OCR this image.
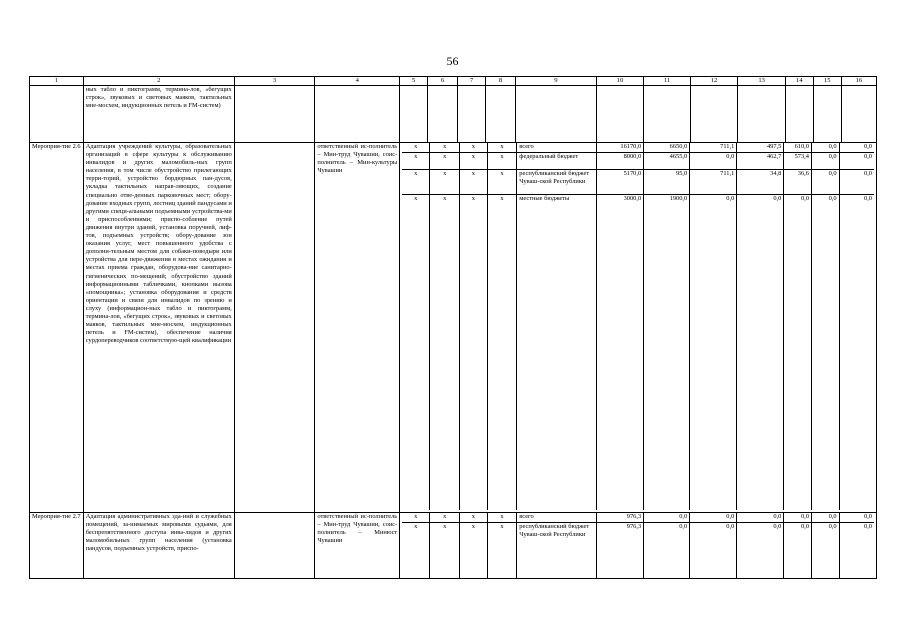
56
1	2	3	4	5	6	7	8	9	10	11	12	13	14	15	16
	ных табло и пиктограмм, термина-лов, «бегущих строк», звуковых и световых маяков, тактильных мне-мосхем, индукционных петель и FM-систем)														
Мероприя-тие 2.6	Адаптация учреждений культуры, образовательных организаций в сфере культуры к обслуживанию инвалидов и других маломобиль-ных групп населения, в том числе обустройство прилегающих терри-торий, устройство бордюрных пан-дусов, укладка тактильных направ-ляющих, создание специально отве-денных парковочных мест; обору-дование входных групп, лестниц зданий пандусами и другими специ-альными подъемными устройства-ми и приспособлениями; приспо-собление путей движения внутри зданий, установка поручней, лиф-тов, подъемных устройств; обору-дование зон оказания услуг, мест повышенного удобства с дополни-тельным местом для собаки-поводыря или устройства для пере-движения в местах ожидания и местах приема граждан, оборудова-ние санитарно-гигиенических по-мещений; обустройство зданий информационными табличками, кнопками вызова «помощника»; установка оборудования и средств ориентации и связи для инвалидов по зрению и слуху (информацион-ных табло и пиктограмм, термина-лов, «бегущих строк», звуковых и световых маяков, тактильных мне-мосхем, индукционных петель и FM-систем), обеспечение наличия сурдопереводчиков соответствую-щей квалификации		ответственный ис-полнитель – Мин-труд Чувашии, соис-полнитель – Мин-культуры Чувашии	
х	х	х	х	всего	16170,0	6650,0	711,1	497,5	610,0	0,0	0,0
х	х	х	х	федеральный бюджет	8000,0	4655,0	0,0	462,7	573,4	0,0	0,0
х	х	х	х	республиканский бюджет Чуваш-ской Республики	5170,0	95,0	711,1	34,8	36,6	0,0	0,0
х	х	х	х	местные бюджеты	3000,0	1900,0	0,0	0,0	0,0	0,0	0,0

Мероприя-тие 2.7	Адаптация административных зда-ний и служебных помещений, за-нимаемых мировыми судьями, для беспрепятственного доступа инва-лидов и других маломобильных групп населения (установка пандусов, подъемных устройств, приспо-		ответственный ис-полнитель – Мин-труд Чувашии, соис-полнитель – Минюст Чувашии	
х	х	х	х	всего	976,3	0,0	0,0	0,0	0,0	0,0	0,0
х	х	х	х	республиканский бюджет Чуваш-ской Республики	976,3	0,0	0,0	0,0	0,0	0,0	0,0
